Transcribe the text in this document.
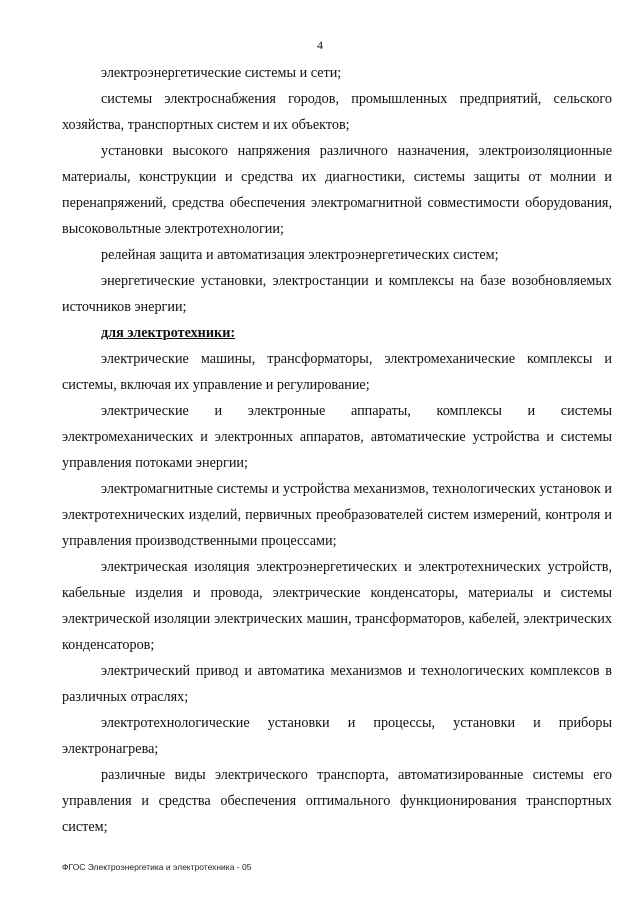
4

электроэнергетические системы и сети;

системы электроснабжения городов, промышленных предприятий, сельского хозяйства, транспортных систем и их объектов;

установки высокого напряжения различного назначения, электроизоляционные материалы, конструкции и средства их диагностики, системы защиты от молнии и перенапряжений, средства обеспечения электромагнитной совместимости оборудования, высоковольтные электротехнологии;

релейная защита и автоматизация электроэнергетических систем;

энергетические установки, электростанции и комплексы на базе возобновляемых источников энергии;

для электротехники:

электрические машины, трансформаторы, электромеханические комплексы и системы, включая их управление и регулирование;

электрические и электронные аппараты, комплексы и системы электромеханических и электронных аппаратов, автоматические устройства и системы управления потоками энергии;

электромагнитные системы и устройства механизмов, технологических установок и электротехнических изделий, первичных преобразователей систем измерений, контроля и управления производственными процессами;

электрическая изоляция электроэнергетических и электротехнических устройств, кабельные изделия и провода, электрические конденсаторы, материалы и системы электрической изоляции электрических машин, трансформаторов, кабелей, электрических конденсаторов;

электрический привод и автоматика механизмов и технологических комплексов в различных отраслях;

электротехнологические установки и процессы, установки и приборы электронагрева;

различные виды электрического транспорта, автоматизированные системы его управления и средства обеспечения оптимального функционирования транспортных систем;

ФГОС Электроэнергетика и электротехника - 05
